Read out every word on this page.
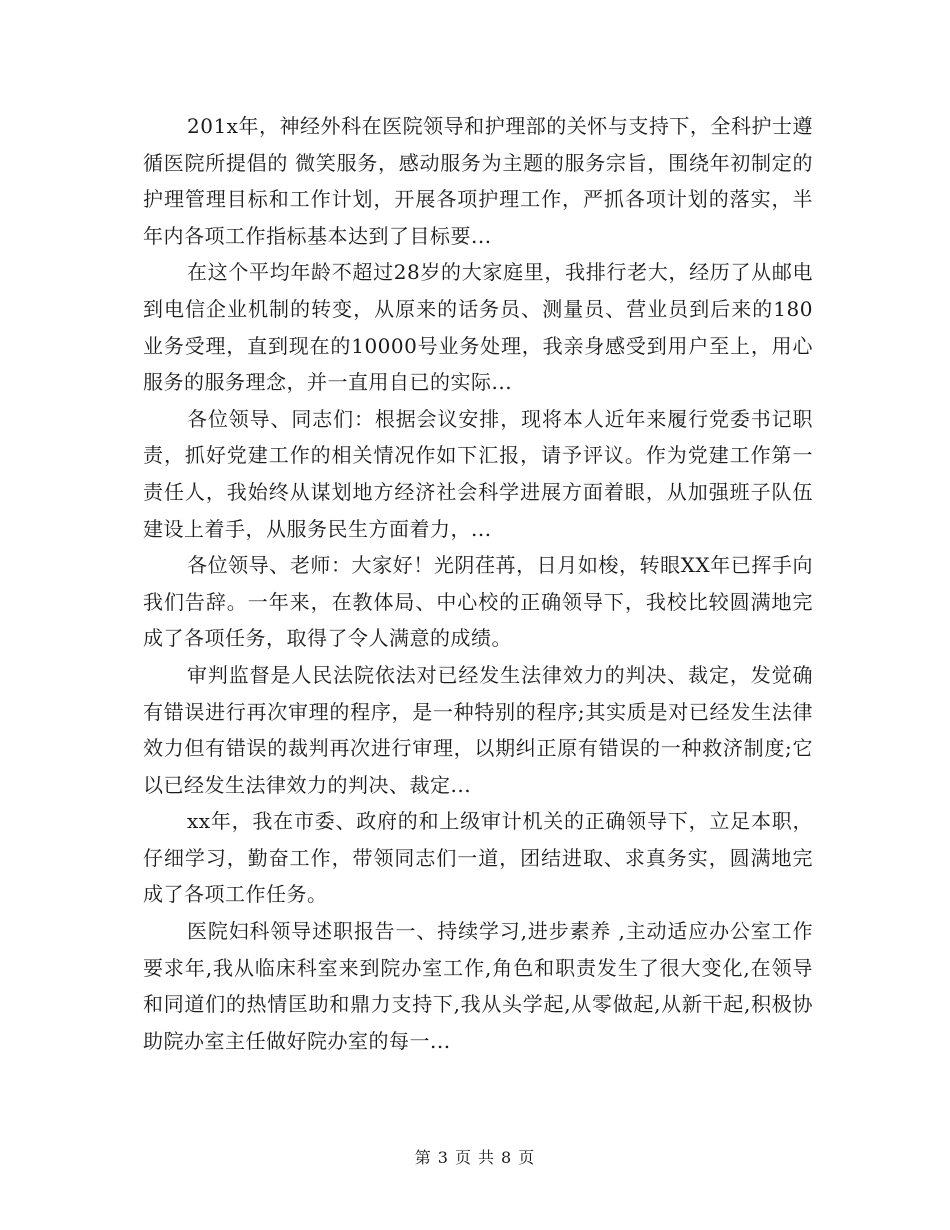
201x年，神经外科在医院领导和护理部的关怀与支持下，全科护士遵循医院所提倡的 微笑服务，感动服务为主题的服务宗旨，围绕年初制定的护理管理目标和工作计划，开展各项护理工作，严抓各项计划的落实，半年内各项工作指标基本达到了目标要...

在这个平均年龄不超过28岁的大家庭里，我排行老大，经历了从邮电到电信企业机制的转变，从原来的话务员、测量员、营业员到后来的180业务受理，直到现在的10000号业务处理，我亲身感受到用户至上，用心服务的服务理念，并一直用自已的实际...

各位领导、同志们：根据会议安排，现将本人近年来履行党委书记职责，抓好党建工作的相关情况作如下汇报，请予评议。作为党建工作第一责任人，我始终从谋划地方经济社会科学进展方面着眼，从加强班子队伍建设上着手，从服务民生方面着力，...

各位领导、老师：大家好！光阴荏苒，日月如梭，转眼XX年已挥手向我们告辞。一年来，在教体局、中心校的正确领导下，我校比较圆满地完成了各项任务，取得了令人满意的成绩。

审判监督是人民法院依法对已经发生法律效力的判决、裁定，发觉确有错误进行再次审理的程序，是一种特别的程序;其实质是对已经发生法律效力但有错误的裁判再次进行审理，以期纠正原有错误的一种救济制度;它以已经发生法律效力的判决、裁定...

xx年，我在市委、政府的和上级审计机关的正确领导下，立足本职，仔细学习，勤奋工作，带领同志们一道，团结进取、求真务实，圆满地完成了各项工作任务。

医院妇科领导述职报告一、持续学习,进步素养 ,主动适应办公室工作要求年,我从临床科室来到院办室工作,角色和职责发生了很大变化,在领导和同道们的热情匡助和鼎力支持下,我从头学起,从零做起,从新干起,积极协助院办室主任做好院办室的每一...

第 3 页 共 8 页
